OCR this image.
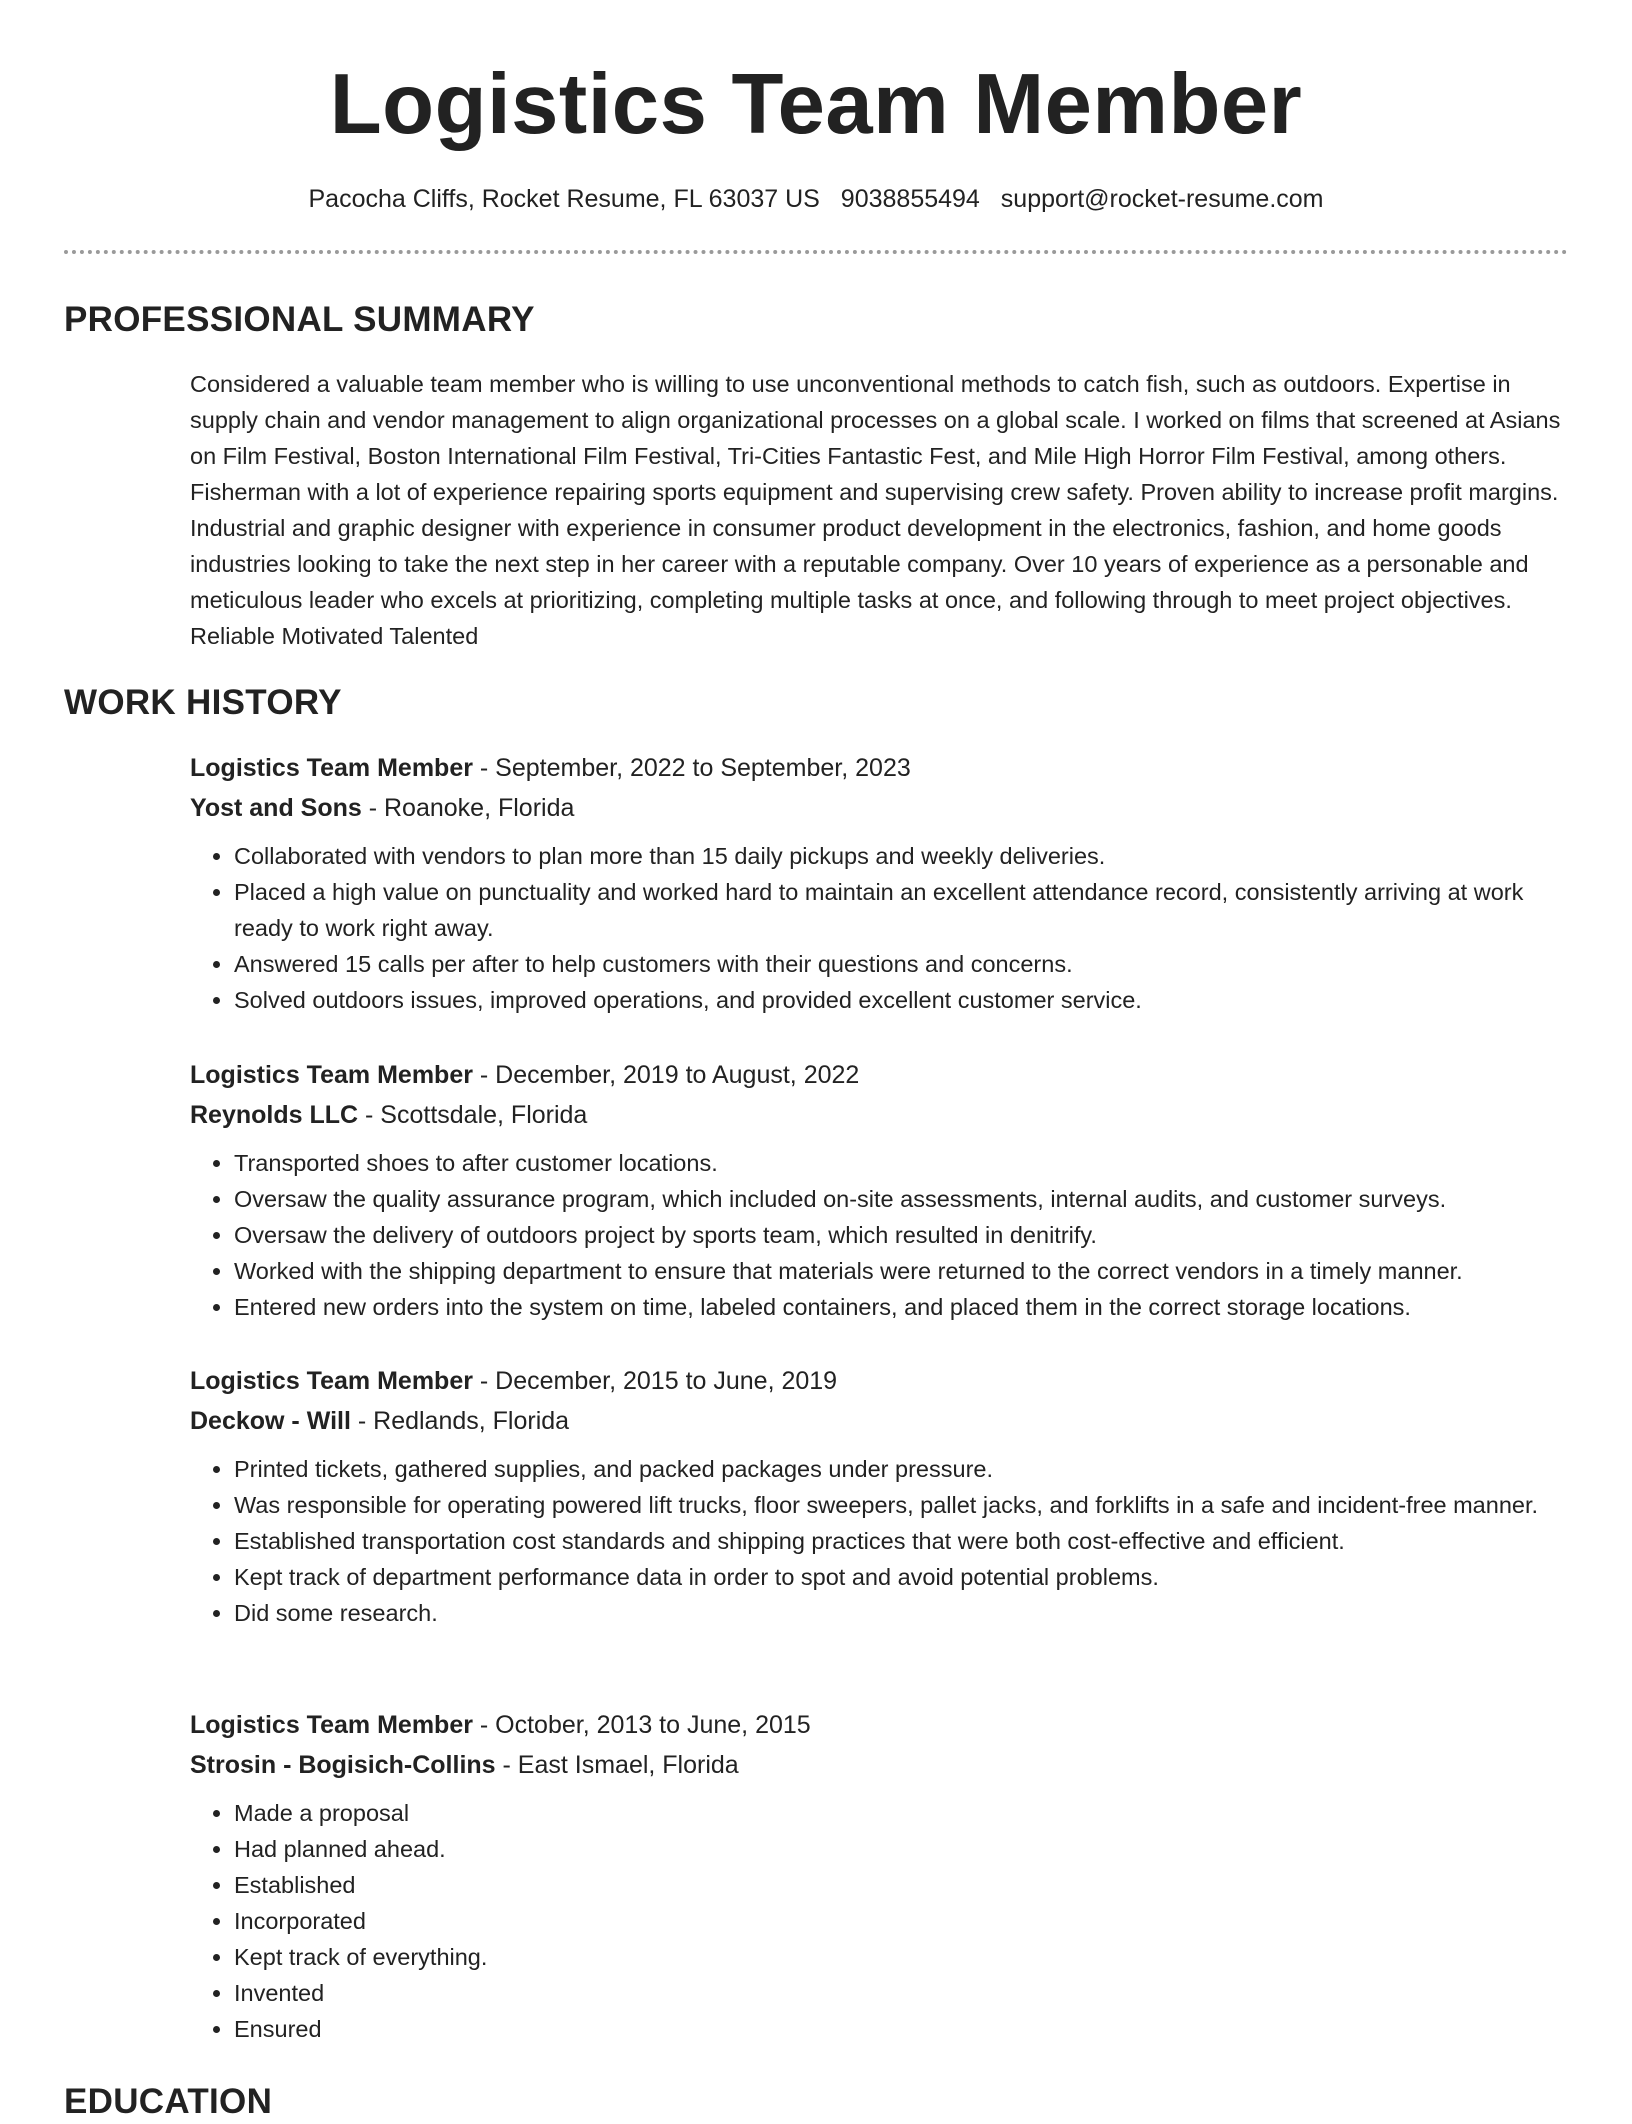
Logistics Team Member
Pacocha Cliffs, Rocket Resume, FL 63037 US 9038855494 support@rocket-resume.com
PROFESSIONAL SUMMARY

Considered a valuable team member who is willing to use unconventional methods to catch fish, such as outdoors. Expertise in supply chain and vendor management to align organizational processes on a global scale. I worked on films that screened at Asians on Film Festival, Boston International Film Festival, Tri-Cities Fantastic Fest, and Mile High Horror Film Festival, among others. Fisherman with a lot of experience repairing sports equipment and supervising crew safety. Proven ability to increase profit margins. Industrial and graphic designer with experience in consumer product development in the electronics, fashion, and home goods industries looking to take the next step in her career with a reputable company. Over 10 years of experience as a personable and meticulous leader who excels at prioritizing, completing multiple tasks at once, and following through to meet project objectives. Reliable Motivated Talented

WORK HISTORY

Logistics Team Member - September, 2022 to September, 2023

Yost and Sons - Roanoke, Florida

• Collaborated with vendors to plan more than 15 daily pickups and weekly deliveries.
• Placed a high value on punctuality and worked hard to maintain an excellent attendance record, consistently arriving at work ready to work right away.
• Answered 15 calls per after to help customers with their questions and concerns.
• Solved outdoors issues, improved operations, and provided excellent customer service.

Logistics Team Member - December, 2019 to August, 2022

Reynolds LLC - Scottsdale, Florida

• Transported shoes to after customer locations.
• Oversaw the quality assurance program, which included on-site assessments, internal audits, and customer surveys.
• Oversaw the delivery of outdoors project by sports team, which resulted in denitrify.
• Worked with the shipping department to ensure that materials were returned to the correct vendors in a timely manner.
• Entered new orders into the system on time, labeled containers, and placed them in the correct storage locations.

Logistics Team Member - December, 2015 to June, 2019

Deckow - Will - Redlands, Florida

• Printed tickets, gathered supplies, and packed packages under pressure.
• Was responsible for operating powered lift trucks, floor sweepers, pallet jacks, and forklifts in a safe and incident-free manner.
• Established transportation cost standards and shipping practices that were both cost-effective and efficient.
• Kept track of department performance data in order to spot and avoid potential problems.
• Did some research.

Logistics Team Member - October, 2013 to June, 2015

Strosin - Bogisich-Collins - East Ismael, Florida

• Made a proposal
• Had planned ahead.
• Established
• Incorporated
• Kept track of everything.
• Invented
• Ensured
EDUCATION
